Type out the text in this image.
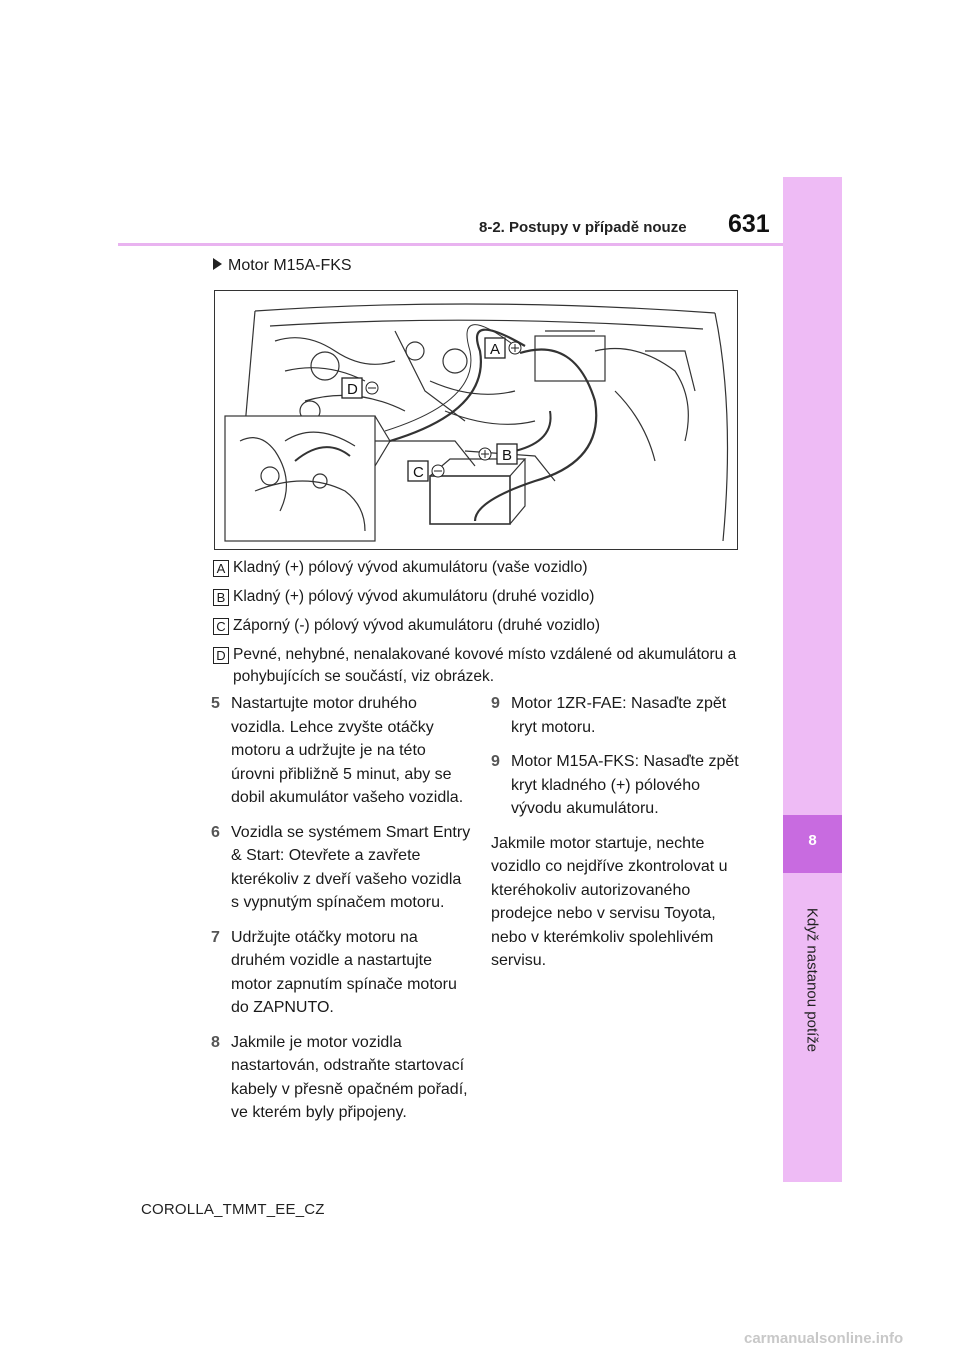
8-2. Postupy v případě nouze 631
8
Když nastanou potíže
Motor M15A-FKS
A
B
C
D
A Kladný (+) pólový vývod akumulátoru (vaše vozidlo)
B Kladný (+) pólový vývod akumulátoru (druhé vozidlo)
C Záporný (-) pólový vývod akumulátoru (druhé vozidlo)
D Pevné, nehybné, nenalakované kovové místo vzdálené od akumulátoru a pohybujících se součástí, viz obrázek.
5 Nastartujte motor druhého vozidla. Lehce zvyšte otáčky motoru a udržujte je na této úrovni přibližně 5 minut, aby se dobil akumulátor vašeho vozidla.
6 Vozidla se systémem Smart Entry & Start: Otevřete a zavřete kterékoliv z dveří vašeho vozidla s vypnutým spínačem motoru.
7 Udržujte otáčky motoru na druhém vozidle a nastartujte motor zapnutím spínače motoru do ZAPNUTO.
8 Jakmile je motor vozidla nastartován, odstraňte startovací kabely v přesně opačném pořadí, ve kterém byly připojeny.
9 Motor 1ZR-FAE: Nasaďte zpět kryt motoru.
9 Motor M15A-FKS: Nasaďte zpět kryt kladného (+) pólového vývodu akumulátoru.
Jakmile motor startuje, nechte vozidlo co nejdříve zkontrolovat u kteréhokoliv autorizovaného prodejce nebo v servisu Toyota, nebo v kterémkoliv spolehlivém servisu.
COROLLA_TMMT_EE_CZ
carmanualsonline.info
